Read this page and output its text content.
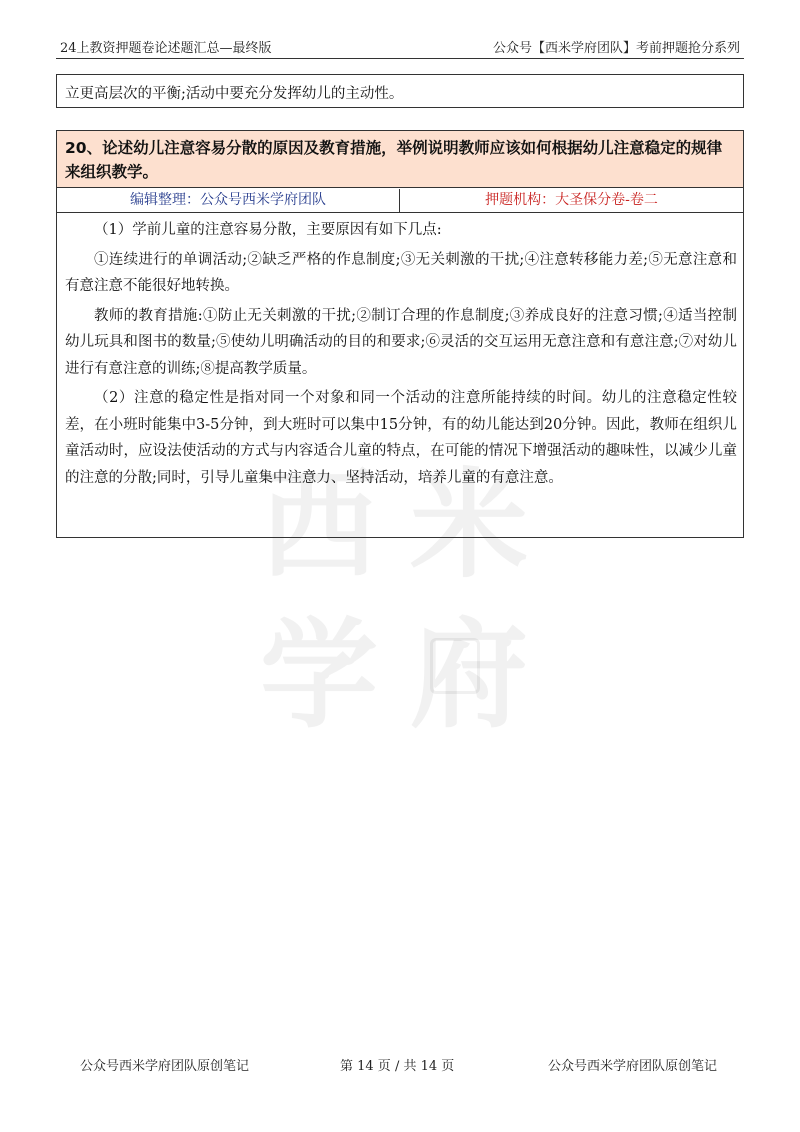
24上教资押题卷论述题汇总—最终版	公众号【西米学府团队】考前押题抢分系列
立更高层次的平衡;活动中要充分发挥幼儿的主动性。
西 米
学 府
20、论述幼儿注意容易分散的原因及教育措施，举例说明教师应该如何根据幼儿注意稳定的规律来组织教学。
编辑整理：公众号西米学府团队	押题机构：大圣保分卷-卷二

（1）学前儿童的注意容易分散，主要原因有如下几点:

①连续进行的单调活动;②缺乏严格的作息制度;③无关刺激的干扰;④注意转移能力差;⑤无意注意和有意注意不能很好地转换。

教师的教育措施:①防止无关刺激的干扰;②制订合理的作息制度;③养成良好的注意习惯;④适当控制幼儿玩具和图书的数量;⑤使幼儿明确活动的目的和要求;⑥灵活的交互运用无意注意和有意注意;⑦对幼儿进行有意注意的训练;⑧提高教学质量。

（2）注意的稳定性是指对同一个对象和同一个活动的注意所能持续的时间。幼儿的注意稳定性较差，在小班时能集中3-5分钟，到大班时可以集中15分钟，有的幼儿能达到20分钟。因此，教师在组织儿童活动时，应设法使活动的方式与内容适合儿童的特点，在可能的情况下增强活动的趣味性，以减少儿童的注意的分散;同时，引导儿童集中注意力、坚持活动，培养儿童的有意注意。

公众号西米学府团队原创笔记	第 14 页 / 共 14 页	公众号西米学府团队原创笔记
